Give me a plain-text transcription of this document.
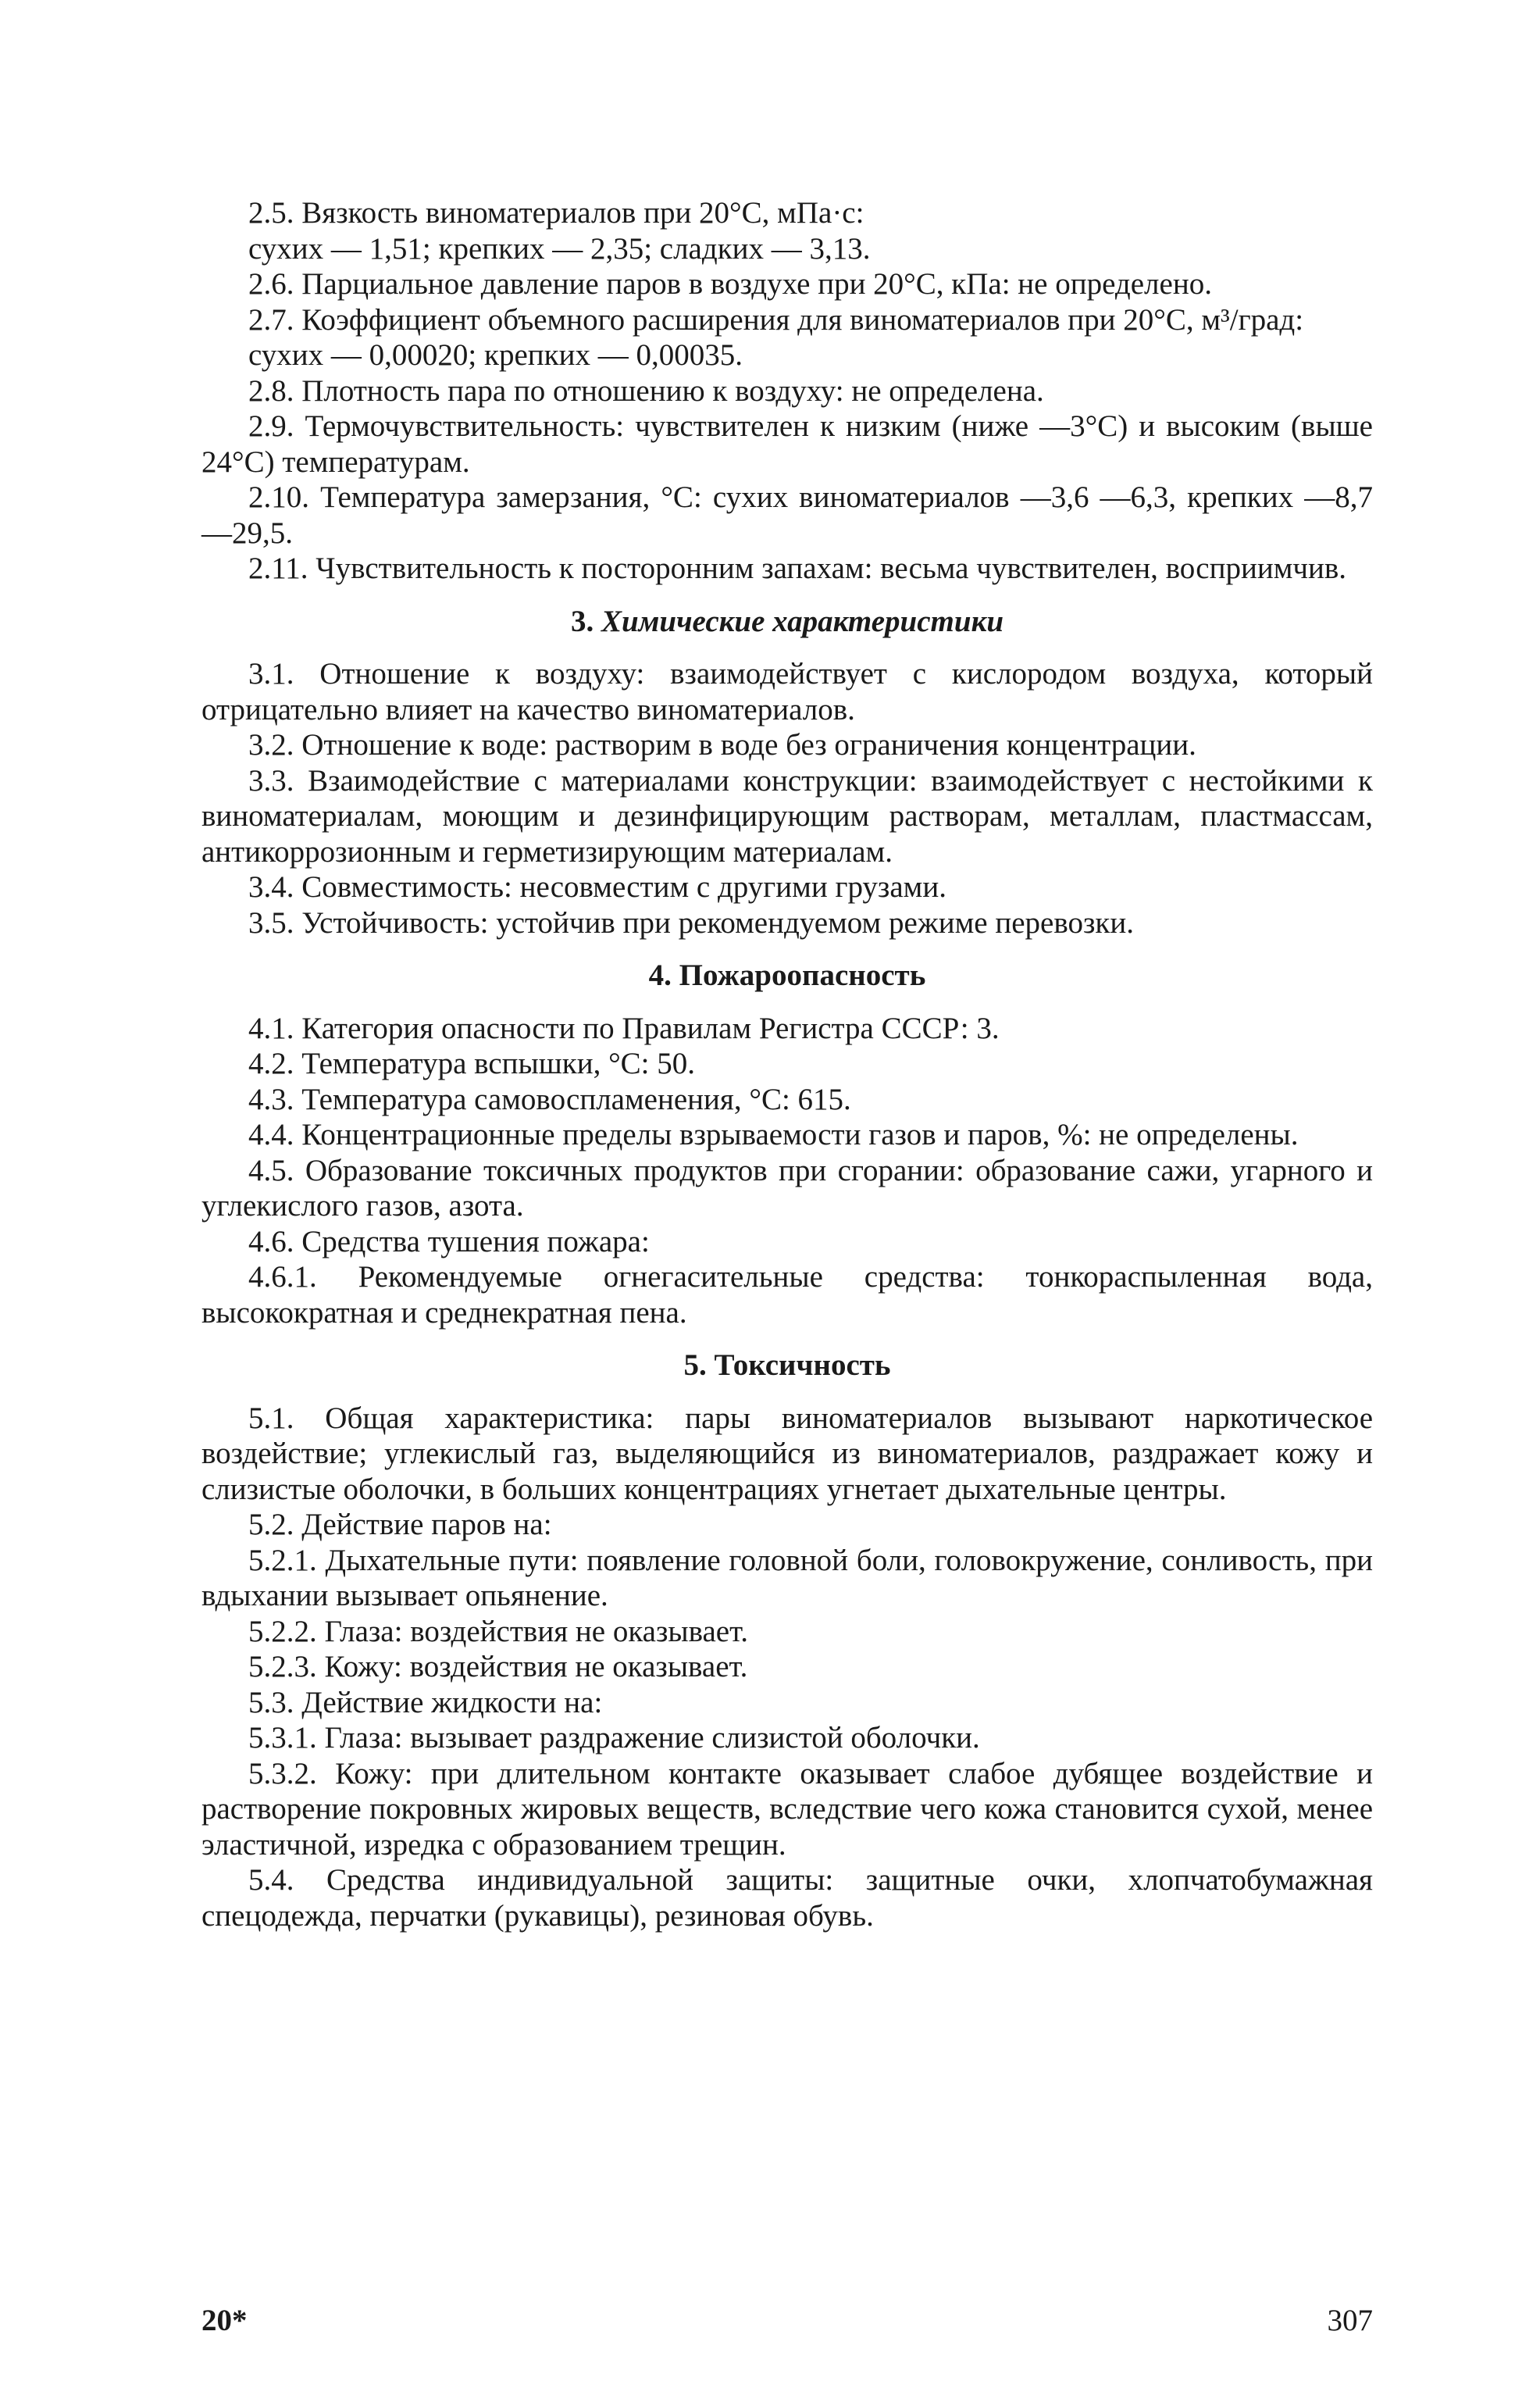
2.5. Вязкость виноматериалов при 20°С, мПа·с:

сухих — 1,51; крепких — 2,35; сладких — 3,13.

2.6. Парциальное давление паров в воздухе при 20°С, кПа: не определено.

2.7. Коэффициент объемного расширения для виноматериалов при 20°С, м³/град:

сухих — 0,00020; крепких — 0,00035.

2.8. Плотность пара по отношению к воздуху: не определена.

2.9. Термочувствительность: чувствителен к низким (ниже —3°С) и высоким (выше 24°С) температурам.

2.10. Температура замерзания, °С: сухих виноматериалов —3,6 —6,3, крепких —8,7 —29,5.

2.11. Чувствительность к посторонним запахам: весьма чувствителен, восприимчив.

3. Химические характеристики

3.1. Отношение к воздуху: взаимодействует с кислородом воздуха, который отрицательно влияет на качество виноматериалов.

3.2. Отношение к воде: растворим в воде без ограничения концентрации.

3.3. Взаимодействие с материалами конструкции: взаимодействует с нестойкими к виноматериалам, моющим и дезинфицирующим растворам, металлам, пластмассам, антикоррозионным и герметизирующим материалам.

3.4. Совместимость: несовместим с другими грузами.

3.5. Устойчивость: устойчив при рекомендуемом режиме перевозки.

4. Пожароопасность

4.1. Категория опасности по Правилам Регистра СССР: 3.

4.2. Температура вспышки, °С: 50.

4.3. Температура самовоспламенения, °С: 615.

4.4. Концентрационные пределы взрываемости газов и паров, %: не определены.

4.5. Образование токсичных продуктов при сгорании: образование сажи, угарного и углекислого газов, азота.

4.6. Средства тушения пожара:

4.6.1. Рекомендуемые огнегасительные средства: тонкораспыленная вода, высокократная и среднекратная пена.

5. Токсичность

5.1. Общая характеристика: пары виноматериалов вызывают наркотическое воздействие; углекислый газ, выделяющийся из виноматериалов, раздражает кожу и слизистые оболочки, в больших концентрациях угнетает дыхательные центры.

5.2. Действие паров на:

5.2.1. Дыхательные пути: появление головной боли, головокружение, сонливость, при вдыхании вызывает опьянение.

5.2.2. Глаза: воздействия не оказывает.

5.2.3. Кожу: воздействия не оказывает.

5.3. Действие жидкости на:

5.3.1. Глаза: вызывает раздражение слизистой оболочки.

5.3.2. Кожу: при длительном контакте оказывает слабое дубящее воздействие и растворение покровных жировых веществ, вследствие чего кожа становится сухой, менее эластичной, изредка с образованием трещин.

5.4. Средства индивидуальной защиты: защитные очки, хлопчатобумажная спецодежда, перчатки (рукавицы), резиновая обувь.

20*	307
